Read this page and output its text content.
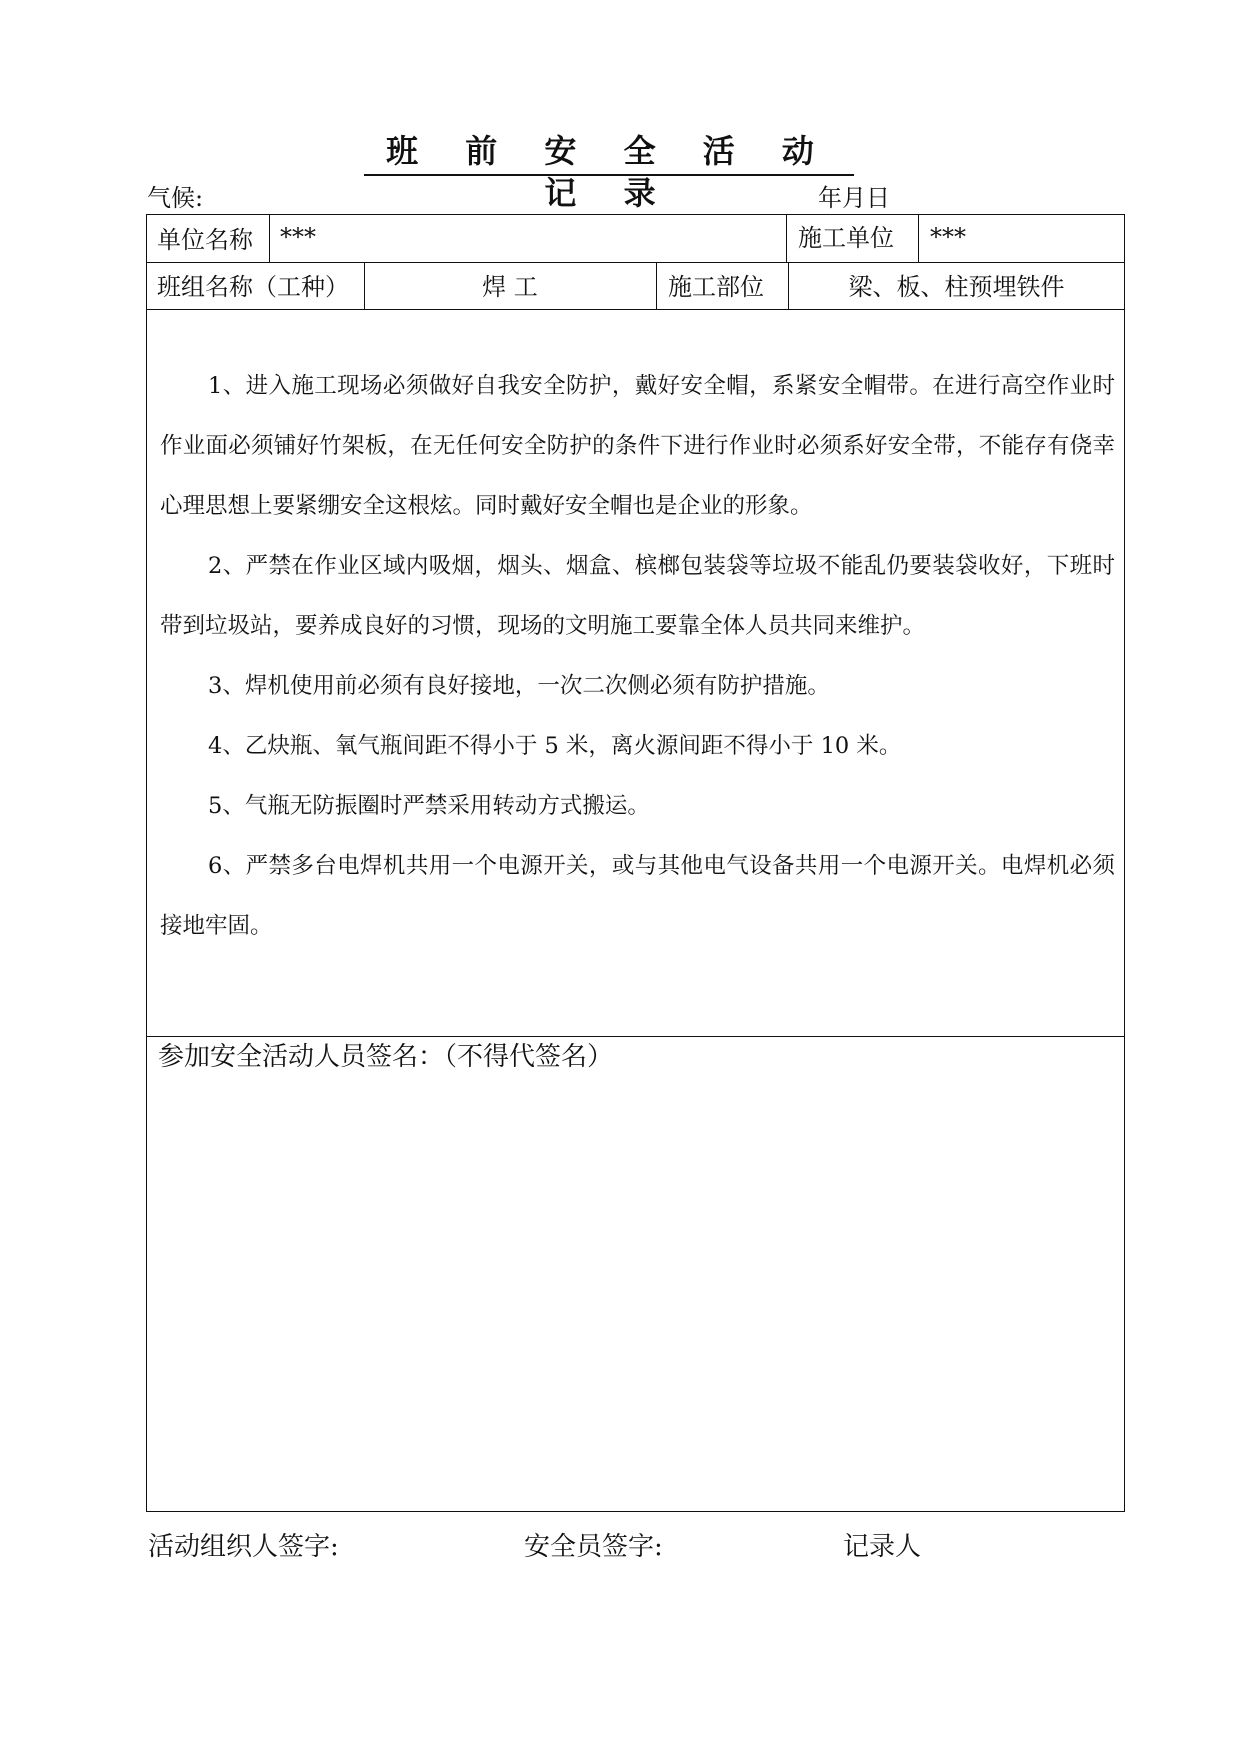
班 前 安 全 活 动 记 录
气候:	年月日
单位名称 ***	施工单位 ***
班组名称（工种）	焊 工	施工部位	梁、板、柱预埋铁件

1、进入施工现场必须做好自我安全防护，戴好安全帽，系紧安全帽带。在进行高空作业时作业面必须铺好竹架板，在无任何安全防护的条件下进行作业时必须系好安全带，不能存有侥幸心理思想上要紧绷安全这根炫。同时戴好安全帽也是企业的形象。

2、严禁在作业区域内吸烟，烟头、烟盒、槟榔包装袋等垃圾不能乱仍要装袋收好，下班时带到垃圾站，要养成良好的习惯，现场的文明施工要靠全体人员共同来维护。

3、焊机使用前必须有良好接地，一次二次侧必须有防护措施。

4、乙炔瓶、氧气瓶间距不得小于 5 米，离火源间距不得小于 10 米。

5、气瓶无防振圈时严禁采用转动方式搬运。

6、严禁多台电焊机共用一个电源开关，或与其他电气设备共用一个电源开关。电焊机必须接地牢固。

参加安全活动人员签名：（不得代签名）
活动组织人签字:	安全员签字:	记录人
